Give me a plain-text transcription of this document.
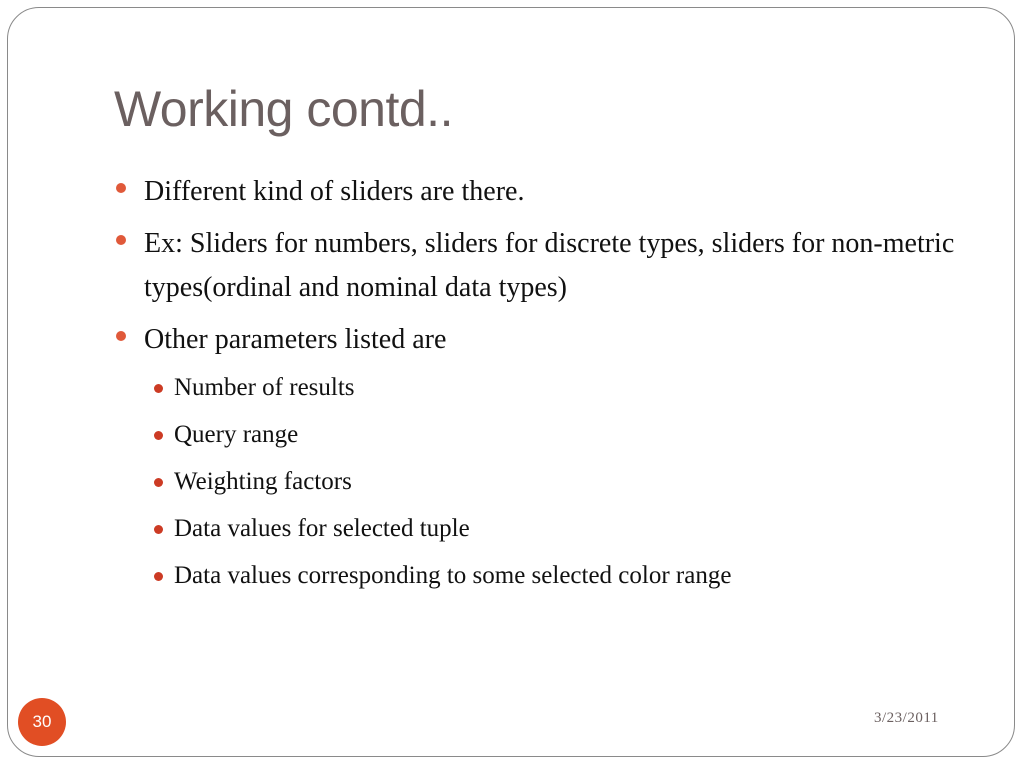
Working contd..
Different kind of sliders are there.
Ex: Sliders for numbers, sliders for discrete types, sliders for non-metric types(ordinal and nominal data types)
Other parameters listed are
Number of results
Query range
Weighting factors
Data values for selected tuple
Data values corresponding to some selected color range
30	3/23/2011
